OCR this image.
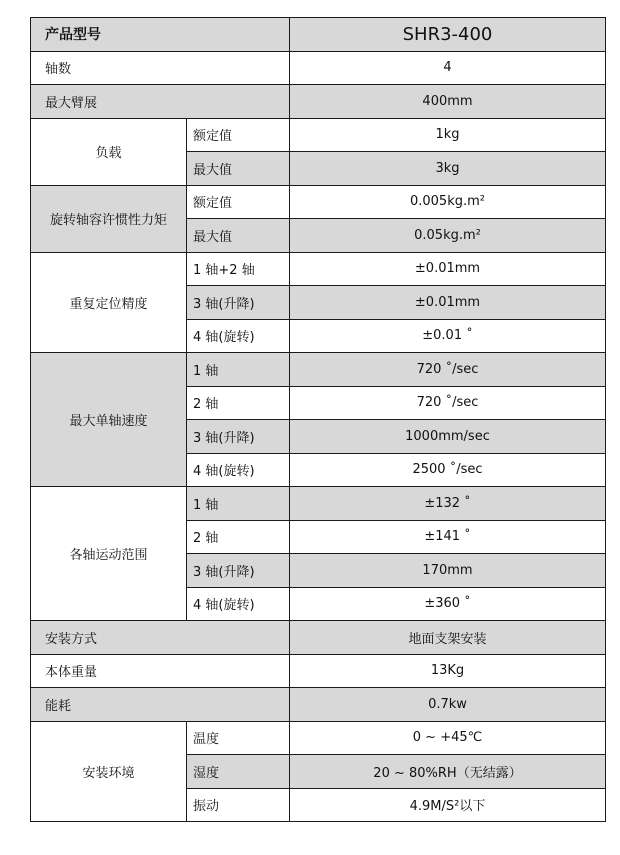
产品型号		SHR3-400
轴数		4
最大臂展		400mm
负载	额定值	1kg
	最大值	3kg
旋转轴容许惯性力矩	额定值	0.005kg.m²
	最大值	0.05kg.m²
重复定位精度	1 轴+2 轴	±0.01mm
	3 轴(升降)	±0.01mm
	4 轴(旋转)	±0.01 ˚
最大单轴速度	1 轴	720 ˚/sec
	2 轴	720 ˚/sec
	3 轴(升降)	1000mm/sec
	4 轴(旋转)	2500 ˚/sec
各轴运动范围	1 轴	±132 ˚
	2 轴	±141 ˚
	3 轴(升降)	170mm
	4 轴(旋转)	±360 ˚
安装方式		地面支架安装
本体重量		13Kg
能耗		0.7kw
安装环境	温度	0 ~ +45℃
	湿度	20 ~ 80%RH（无结露）
	振动	4.9M/S²以下
